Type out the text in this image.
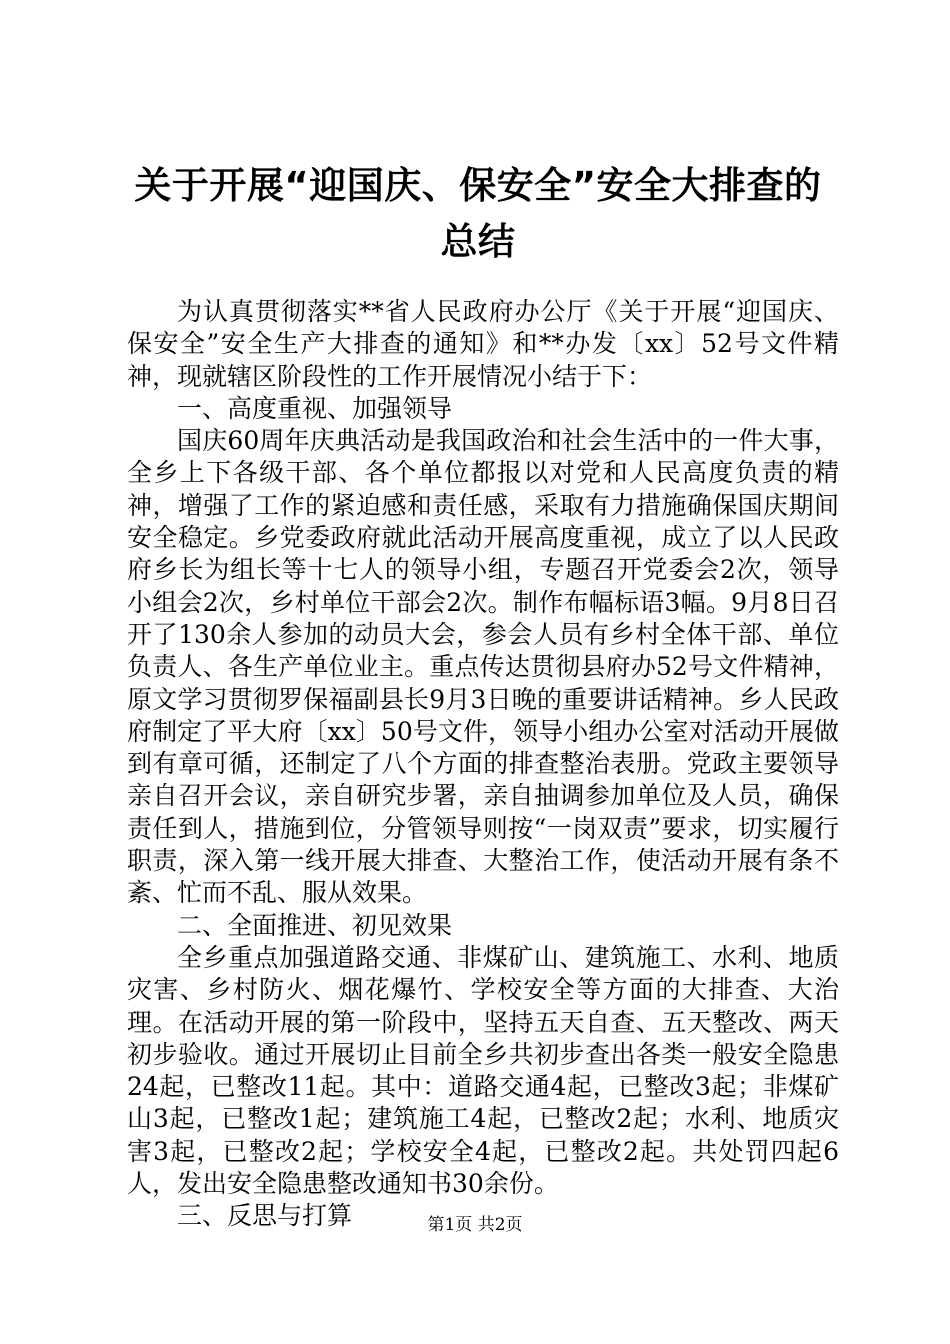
关于开展“迎国庆、保安全”安全大排查的总结

为认真贯彻落实**省人民政府办公厅《关于开展“迎国庆、保安全”安全生产大排查的通知》和**办发〔xx〕52号文件精神，现就辖区阶段性的工作开展情况小结于下：

一、高度重视、加强领导

国庆60周年庆典活动是我国政治和社会生活中的一件大事，全乡上下各级干部、各个单位都报以对党和人民高度负责的精神，增强了工作的紧迫感和责任感，采取有力措施确保国庆期间安全稳定。乡党委政府就此活动开展高度重视，成立了以人民政府乡长为组长等十七人的领导小组，专题召开党委会2次，领导小组会2次，乡村单位干部会2次。制作布幅标语3幅。9月8日召开了130余人参加的动员大会，参会人员有乡村全体干部、单位负责人、各生产单位业主。重点传达贯彻县府办52号文件精神，原文学习贯彻罗保福副县长9月3日晚的重要讲话精神。乡人民政府制定了平大府〔xx〕50号文件，领导小组办公室对活动开展做到有章可循，还制定了八个方面的排查整治表册。党政主要领导亲自召开会议，亲自研究步署，亲自抽调参加单位及人员，确保责任到人，措施到位，分管领导则按“一岗双责”要求，切实履行职责，深入第一线开展大排查、大整治工作，使活动开展有条不紊、忙而不乱、服从效果。

二、全面推进、初见效果

全乡重点加强道路交通、非煤矿山、建筑施工、水利、地质灾害、乡村防火、烟花爆竹、学校安全等方面的大排查、大治理。在活动开展的第一阶段中，坚持五天自查、五天整改、两天初步验收。通过开展切止目前全乡共初步查出各类一般安全隐患24起，已整改11起。其中：道路交通4起，已整改3起；非煤矿山3起，已整改1起；建筑施工4起，已整改2起；水利、地质灾害3起，已整改2起；学校安全4起，已整改2起。共处罚四起6人，发出安全隐患整改通知书30余份。

三、反思与打算	第1页 共2页
